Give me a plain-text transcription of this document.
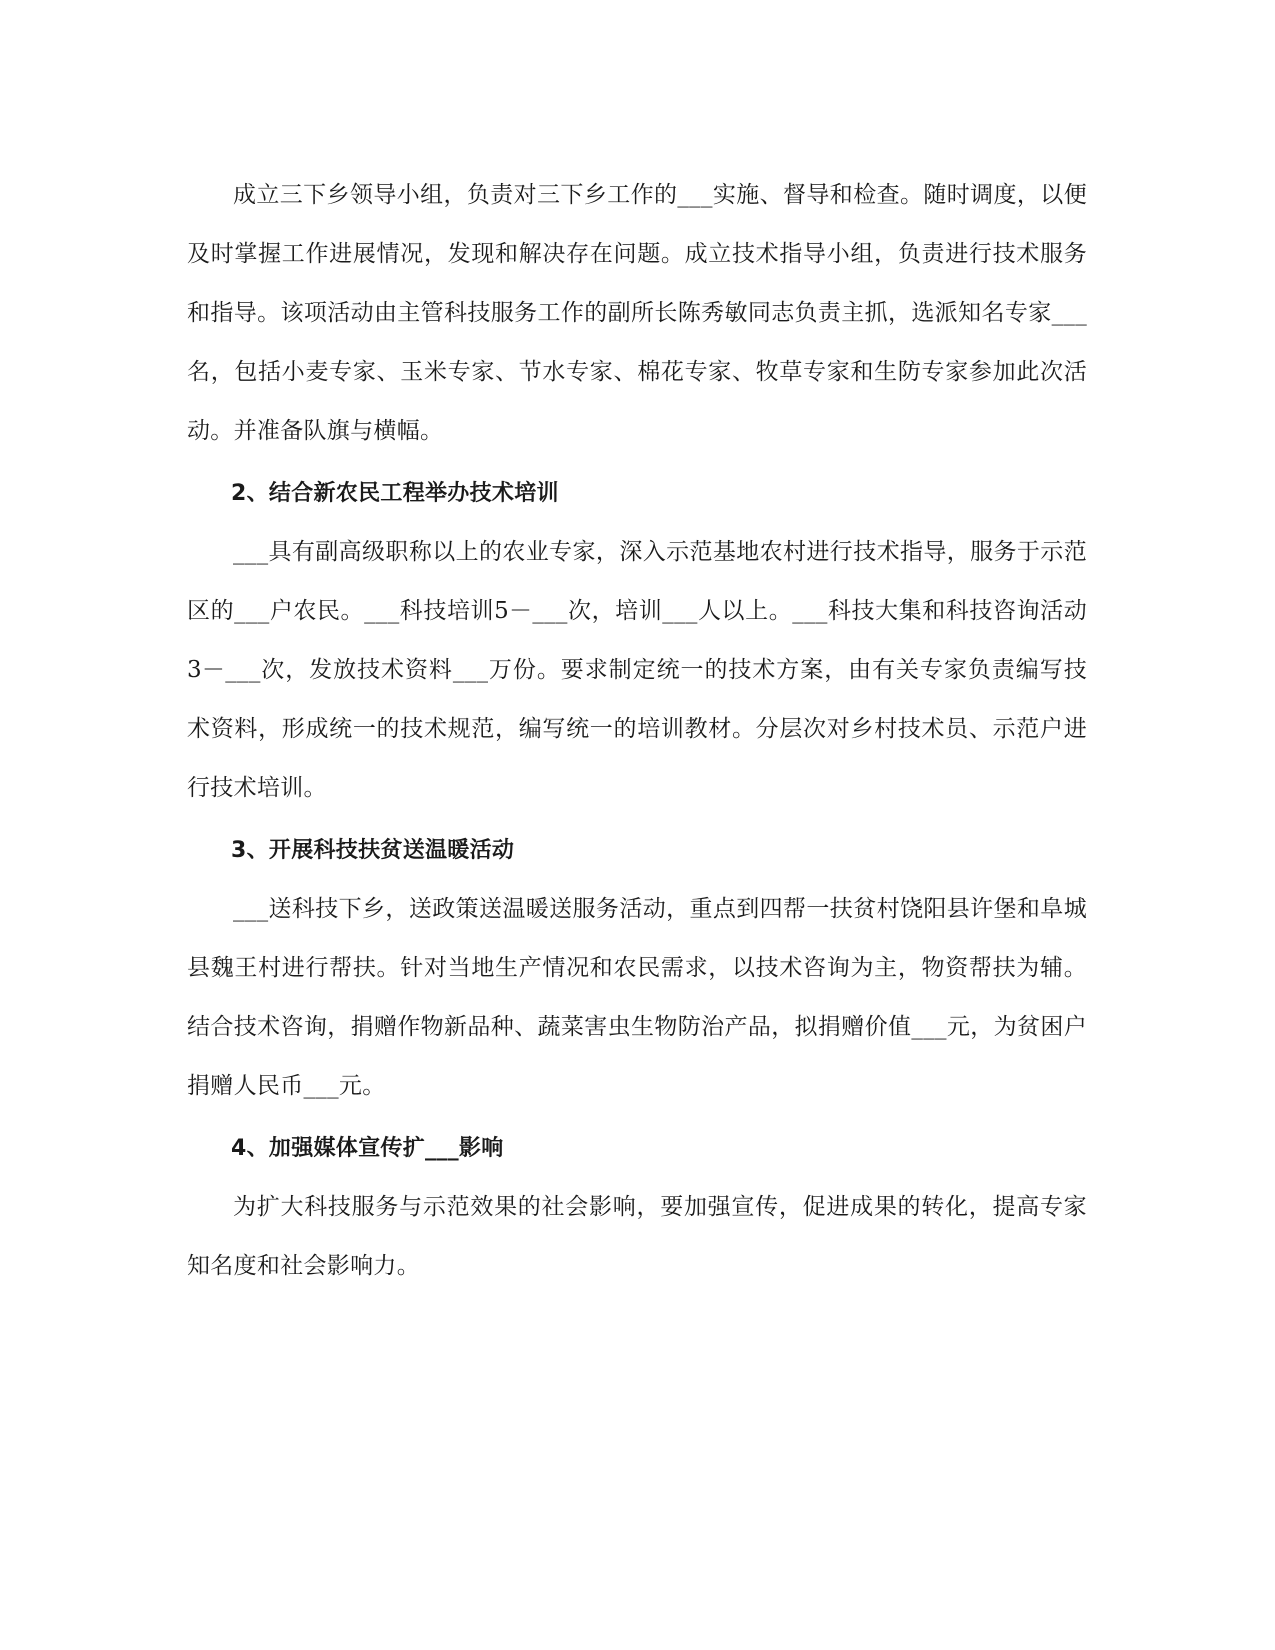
成立三下乡领导小组，负责对三下乡工作的___实施、督导和检查。随时调度，以便及时掌握工作进展情况，发现和解决存在问题。成立技术指导小组，负责进行技术服务和指导。该项活动由主管科技服务工作的副所长陈秀敏同志负责主抓，选派知名专家___名，包括小麦专家、玉米专家、节水专家、棉花专家、牧草专家和生防专家参加此次活动。并准备队旗与横幅。

2、结合新农民工程举办技术培训

___具有副高级职称以上的农业专家，深入示范基地农村进行技术指导，服务于示范区的___户农民。___科技培训5－___次，培训___人以上。___科技大集和科技咨询活动3－___次，发放技术资料___万份。要求制定统一的技术方案，由有关专家负责编写技术资料，形成统一的技术规范，编写统一的培训教材。分层次对乡村技术员、示范户进行技术培训。

3、开展科技扶贫送温暖活动

___送科技下乡，送政策送温暖送服务活动，重点到四帮一扶贫村饶阳县许堡和阜城县魏王村进行帮扶。针对当地生产情况和农民需求，以技术咨询为主，物资帮扶为辅。结合技术咨询，捐赠作物新品种、蔬菜害虫生物防治产品，拟捐赠价值___元，为贫困户捐赠人民币___元。

4、加强媒体宣传扩___影响

为扩大科技服务与示范效果的社会影响，要加强宣传，促进成果的转化，提高专家知名度和社会影响力。
